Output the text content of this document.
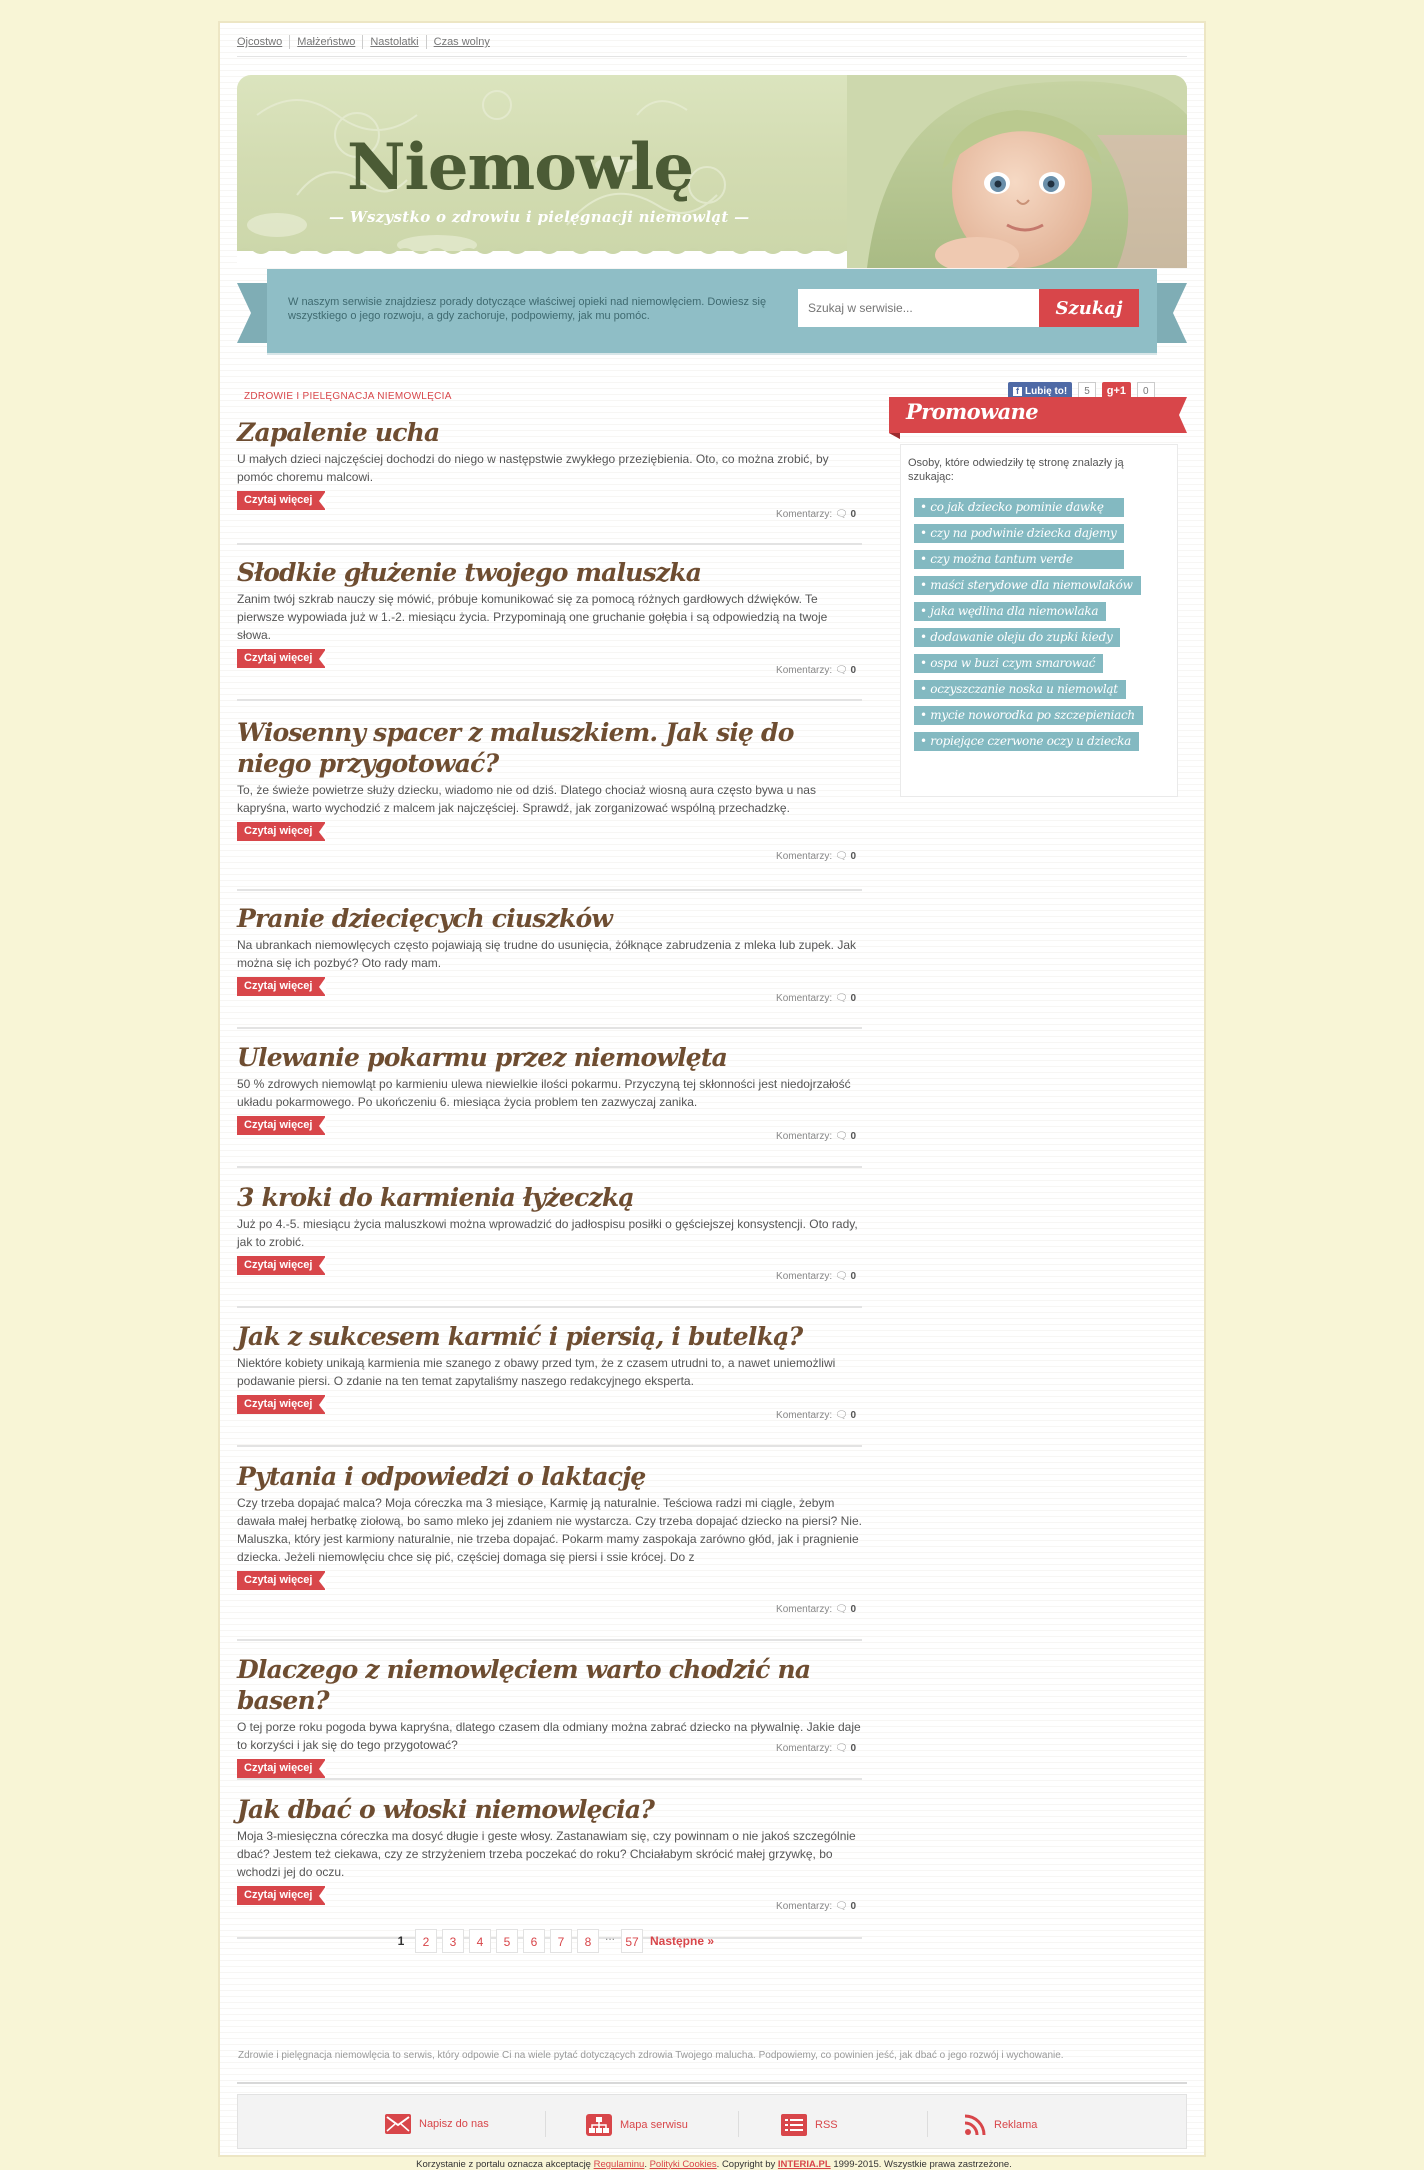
Ojcostwo	Małżeństwo	Nastolatki	Czas wolny
Niemowlę
— Wszystko o zdrowiu i pielęgnacji niemowląt —
W naszym serwisie znajdziesz porady dotyczące właściwej opieki nad niemowlęciem. Dowiesz się wszystkiego o jego rozwoju, a gdy zachoruje, podpowiemy, jak mu pomóc.
Szukaj w serwisie...	Szukaj
ZDROWIE I PIELĘGNACJA NIEMOWLĘCIA	f Lubię to!	5	g+1	0
Zapalenie ucha
U małych dzieci najczęściej dochodzi do niego w następstwie zwykłego przeziębienia. Oto, co można zrobić, by pomóc choremu malcowi.
Czytaj więcej
Komentarzy: 🗨 0
Słodkie głużenie twojego maluszka
Zanim twój szkrab nauczy się mówić, próbuje komunikować się za pomocą różnych gardłowych dźwięków. Te pierwsze wypowiada już w 1.-2. miesiącu życia. Przypominają one gruchanie gołębia i są odpowiedzią na twoje słowa.
Czytaj więcej
Komentarzy: 🗨 0
Wiosenny spacer z maluszkiem. Jak się do niego przygotować?
To, że świeże powietrze służy dziecku, wiadomo nie od dziś. Dlatego chociaż wiosną aura często bywa u nas kapryśna, warto wychodzić z malcem jak najczęściej. Sprawdź, jak zorganizować wspólną przechadzkę.
Czytaj więcej
Komentarzy: 🗨 0
Pranie dziecięcych ciuszków
Na ubrankach niemowlęcych często pojawiają się trudne do usunięcia, żółknące zabrudzenia z mleka lub zupek. Jak można się ich pozbyć? Oto rady mam.
Czytaj więcej
Komentarzy: 🗨 0
Ulewanie pokarmu przez niemowlęta
50 % zdrowych niemowląt po karmieniu ulewa niewielkie ilości pokarmu. Przyczyną tej skłonności jest niedojrzałość układu pokarmowego. Po ukończeniu 6. miesiąca życia problem ten zazwyczaj zanika.
Czytaj więcej
Komentarzy: 🗨 0
3 kroki do karmienia łyżeczką
Już po 4.-5. miesiącu życia maluszkowi można wprowadzić do jadłospisu posiłki o gęściejszej konsystencji. Oto rady, jak to zrobić.
Czytaj więcej
Komentarzy: 🗨 0
Jak z sukcesem karmić i piersią, i butelką?
Niektóre kobiety unikają karmienia mie szanego z obawy przed tym, że z czasem utrudni to, a nawet uniemożliwi podawanie piersi. O zdanie na ten temat zapytaliśmy naszego redakcyjnego eksperta.
Czytaj więcej
Komentarzy: 🗨 0
Pytania i odpowiedzi o laktację
Czy trzeba dopajać malca? Moja córeczka ma 3 miesiące, Karmię ją naturalnie. Teściowa radzi mi ciągle, żebym dawała małej herbatkę ziołową, bo samo mleko jej zdaniem nie wystarcza. Czy trzeba dopajać dziecko na piersi? Nie. Maluszka, który jest karmiony naturalnie, nie trzeba dopajać. Pokarm mamy zaspokaja zarówno głód, jak i pragnienie dziecka. Jeżeli niemowlęciu chce się pić, częściej domaga się piersi i ssie krócej. Do z
Czytaj więcej
Komentarzy: 🗨 0
Dlaczego z niemowlęciem warto chodzić na basen?
O tej porze roku pogoda bywa kapryśna, dlatego czasem dla odmiany można zabrać dziecko na pływalnię. Jakie daje to korzyści i jak się do tego przygotować?
Czytaj więcej
Komentarzy: 🗨 0
Jak dbać o włoski niemowlęcia?
Moja 3-miesięczna córeczka ma dosyć długie i geste włosy. Zastanawiam się, czy powinnam o nie jakoś szczególnie dbać? Jestem też ciekawa, czy ze strzyżeniem trzeba poczekać do roku? Chciałabym skrócić małej grzywkę, bo wchodzi jej do oczu.
Czytaj więcej
Komentarzy: 🗨 0
1	2	3	4	5	6	7	8	... 57 Następne »
Promowane
Osoby, które odwiedziły tę stronę znalazły ją szukając:
• co jak dziecko pominie dawkę
• czy na podwinie dziecka dajemy
• czy można tantum verde
• maści sterydowe dla niemowlaków
• jaka wędlina dla niemowlaka
• dodawanie oleju do zupki kiedy
• ospa w buzi czym smarować
• oczyszczanie noska u niemowląt
• mycie noworodka po szczepieniach
• ropiejące czerwone oczy u dziecka
Zdrowie i pielęgnacja niemowlęcia to serwis, który odpowie Ci na wiele pytać dotyczących zdrowia Twojego malucha. Podpowiemy, co powinien jeść, jak dbać o jego rozwój i wychowanie.
Napisz do nas	Mapa serwisu	RSS	Reklama
Korzystanie z portalu oznacza akceptację Regulaminu. Polityki Cookies. Copyright by INTERIA.PL 1999-2015. Wszystkie prawa zastrzeżone.
